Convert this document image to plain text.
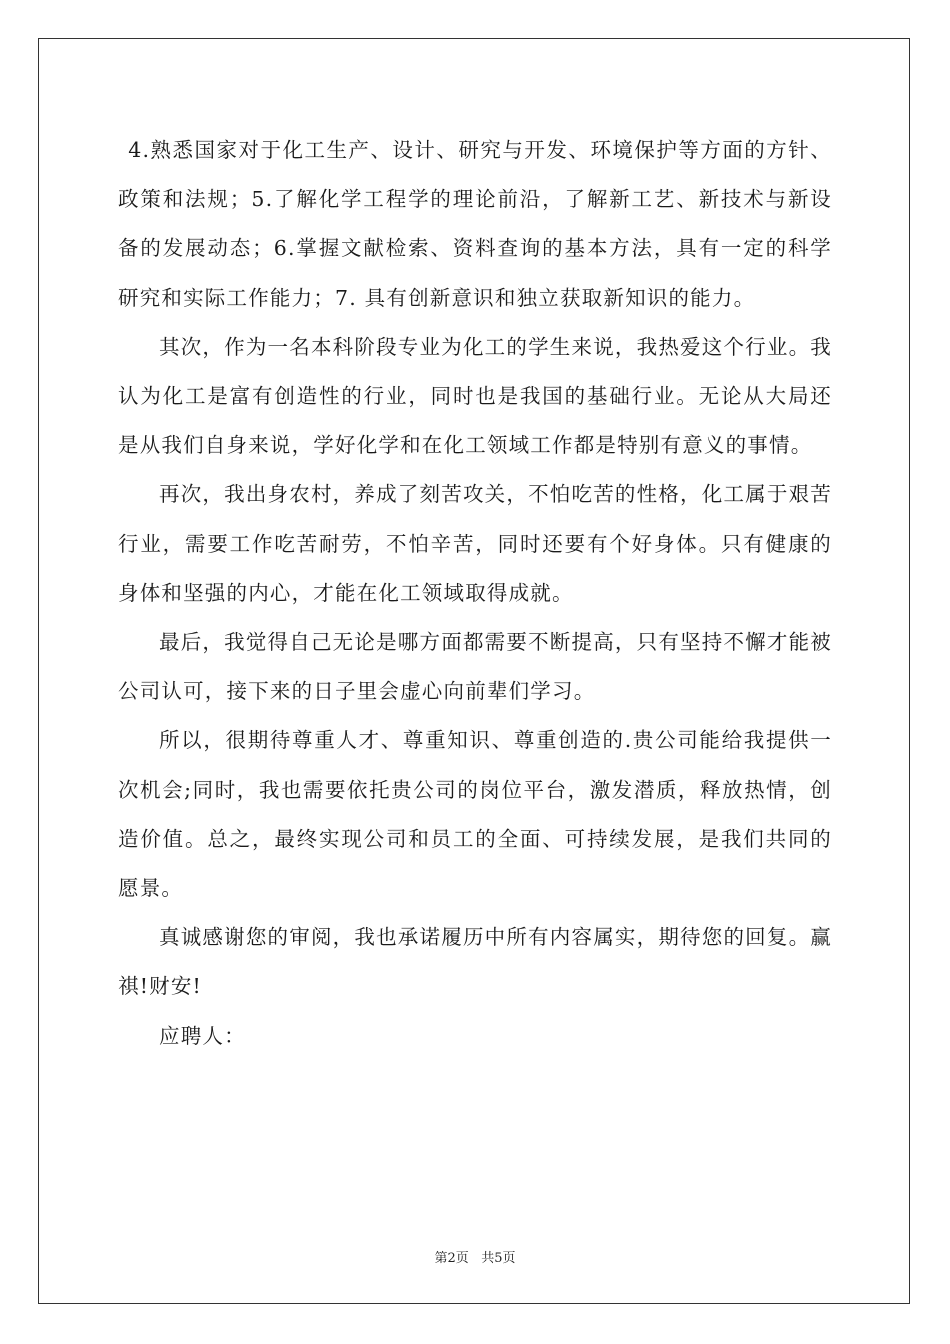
4.熟悉国家对于化工生产、设计、研究与开发、环境保护等方面的方针、政策和法规；5.了解化学工程学的理论前沿，了解新工艺、新技术与新设备的发展动态；6.掌握文献检索、资料查询的基本方法，具有一定的科学研究和实际工作能力；7. 具有创新意识和独立获取新知识的能力。

其次，作为一名本科阶段专业为化工的学生来说，我热爱这个行业。我认为化工是富有创造性的行业，同时也是我国的基础行业。无论从大局还是从我们自身来说，学好化学和在化工领域工作都是特别有意义的事情。

再次，我出身农村，养成了刻苦攻关，不怕吃苦的性格，化工属于艰苦行业，需要工作吃苦耐劳，不怕辛苦，同时还要有个好身体。只有健康的身体和坚强的内心，才能在化工领域取得成就。

最后，我觉得自己无论是哪方面都需要不断提高，只有坚持不懈才能被公司认可，接下来的日子里会虚心向前辈们学习。

所以，很期待尊重人才、尊重知识、尊重创造的.贵公司能给我提供一次机会;同时，我也需要依托贵公司的岗位平台，激发潜质，释放热情，创造价值。总之，最终实现公司和员工的全面、可持续发展，是我们共同的愿景。

真诚感谢您的审阅，我也承诺履历中所有内容属实，期待您的回复。赢祺!财安!

应聘人：

第2页 共5页
